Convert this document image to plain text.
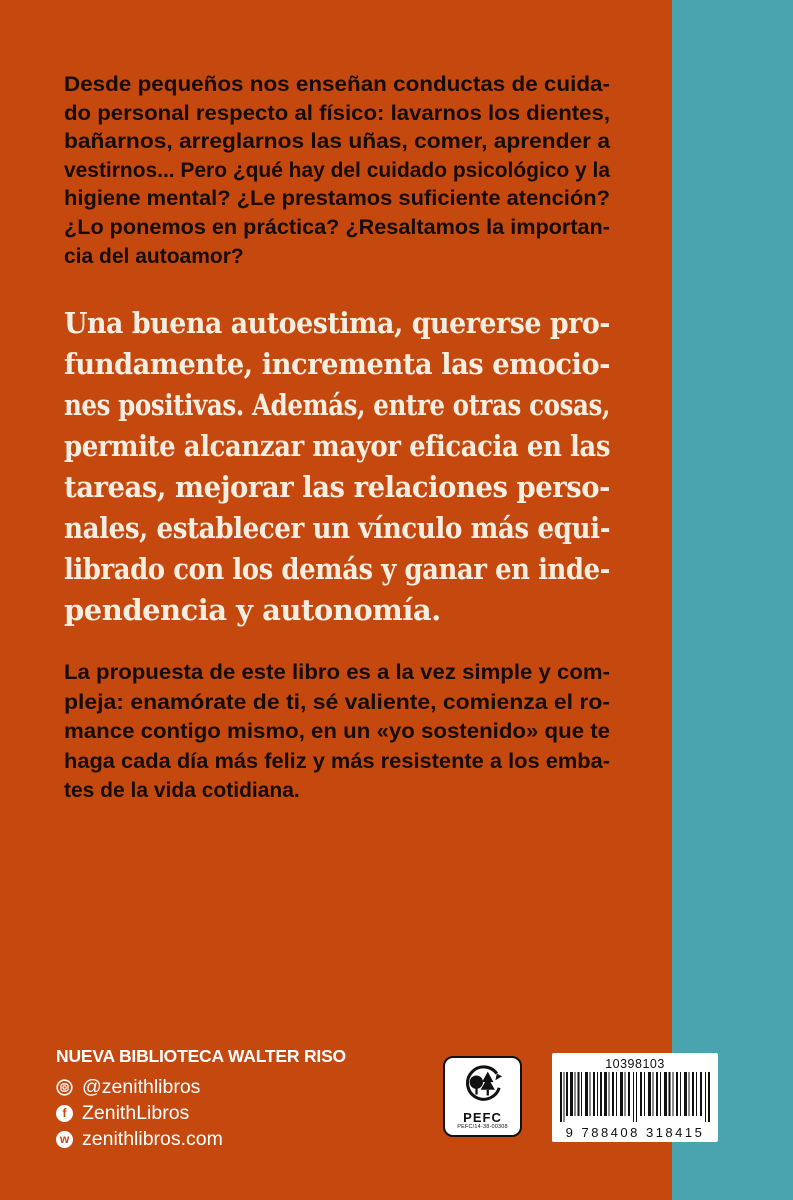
Desde pequeños nos enseñan conductas de cuida-
do personal respecto al físico: lavarnos los dientes,
bañarnos, arreglarnos las uñas, comer, aprender a
vestirnos... Pero ¿qué hay del cuidado psicológico y la
higiene mental? ¿Le prestamos suficiente atención?
¿Lo ponemos en práctica? ¿Resaltamos la importan-
cia del autoamor?
Una buena autoestima, quererse pro-
fundamente, incrementa las emocio-
nes positivas. Además, entre otras cosas,
permite alcanzar mayor eficacia en las
tareas, mejorar las relaciones perso-
nales, establecer un vínculo más equi-
librado con los demás y ganar en inde-
pendencia y autonomía.
La propuesta de este libro es a la vez simple y com-
pleja: enamórate de ti, sé valiente, comienza el ro-
mance contigo mismo, en un «yo sostenido» que te
haga cada día más feliz y más resistente a los emba-
tes de la vida cotidiana.
NUEVA BIBLIOTECA WALTER RISO
@zenithlibros
f ZenithLibros
w zenithlibros.com
PEFC
PEFC/14-38-00308
10398103
9 788408 318415
